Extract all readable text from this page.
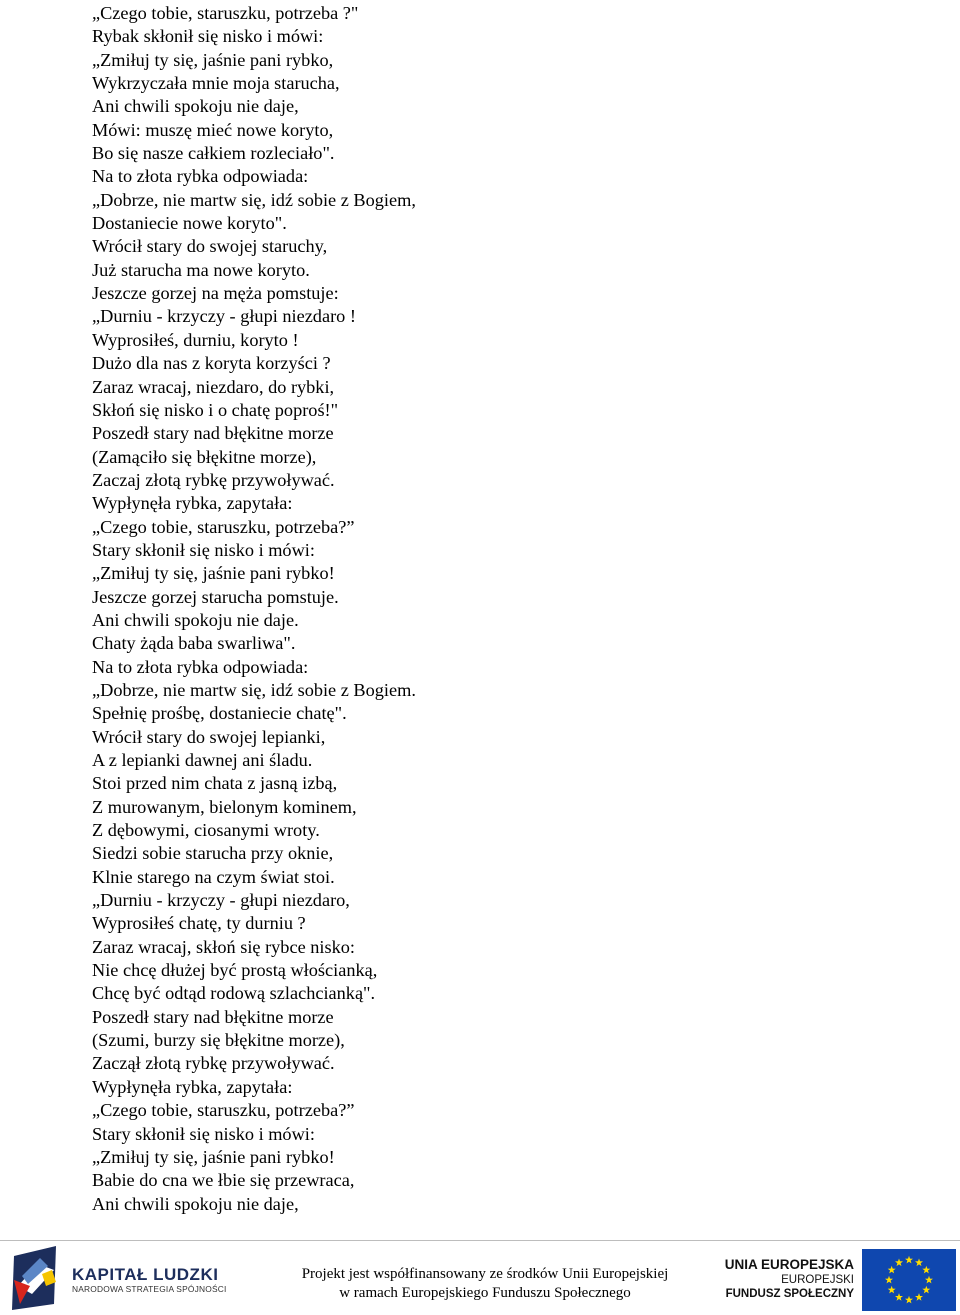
„Czego tobie, staruszku, potrzeba ?"
Rybak skłonił się nisko i mówi:
„Zmiłuj ty się, jaśnie pani rybko,
Wykrzyczała mnie moja starucha,
Ani chwili spokoju nie daje,
Mówi: muszę mieć nowe koryto,
Bo się nasze całkiem rozleciało".
Na to złota rybka odpowiada:
„Dobrze, nie martw się, idź sobie z Bogiem,
Dostaniecie nowe koryto".
Wrócił stary do swojej staruchy,
Już starucha ma nowe koryto.
Jeszcze gorzej na męża pomstuje:
„Durniu - krzyczy - głupi niezdaro !
Wyprosiłeś, durniu, koryto !
Dużo dla nas z koryta korzyści ?
Zaraz wracaj, niezdaro, do rybki,
Skłoń się nisko i o chatę poproś!"
Poszedł stary nad błękitne morze
(Zamąciło się błękitne morze),
Zaczaj złotą rybkę przywoływać.
Wypłynęła rybka, zapytała:
„Czego tobie, staruszku, potrzeba?”
Stary skłonił się nisko i mówi:
„Zmiłuj ty się, jaśnie pani rybko!
Jeszcze gorzej starucha pomstuje.
Ani chwili spokoju nie daje.
Chaty żąda baba swarliwa".
Na to złota rybka odpowiada:
„Dobrze, nie martw się, idź sobie z Bogiem.
Spełnię prośbę, dostaniecie chatę".
Wrócił stary do swojej lepianki,
A z lepianki dawnej ani śladu.
Stoi przed nim chata z jasną izbą,
Z murowanym, bielonym kominem,
Z dębowymi, ciosanymi wroty.
Siedzi sobie starucha przy oknie,
Klnie starego na czym świat stoi.
„Durniu - krzyczy - głupi niezdaro,
Wyprosiłeś chatę, ty durniu ?
Zaraz wracaj, skłoń się rybce nisko:
Nie chcę dłużej być prostą włościanką,
Chcę być odtąd rodową szlachcianką".
Poszedł stary nad błękitne morze
(Szumi, burzy się błękitne morze),
Zaczął złotą rybkę przywoływać.
Wypłynęła rybka, zapytała:
„Czego tobie, staruszku, potrzeba?”
Stary skłonił się nisko i mówi:
„Zmiłuj ty się, jaśnie pani rybko!
Babie do cna we łbie się przewraca,
Ani chwili spokoju nie daje,
KAPITAŁ LUDZKI
NARODOWA STRATEGIA SPÓJNOŚCI
Projekt jest współfinansowany ze środków Unii Europejskiej
w ramach Europejskiego Funduszu Społecznego
UNIA EUROPEJSKA
EUROPEJSKI
FUNDUSZ SPOŁECZNY
